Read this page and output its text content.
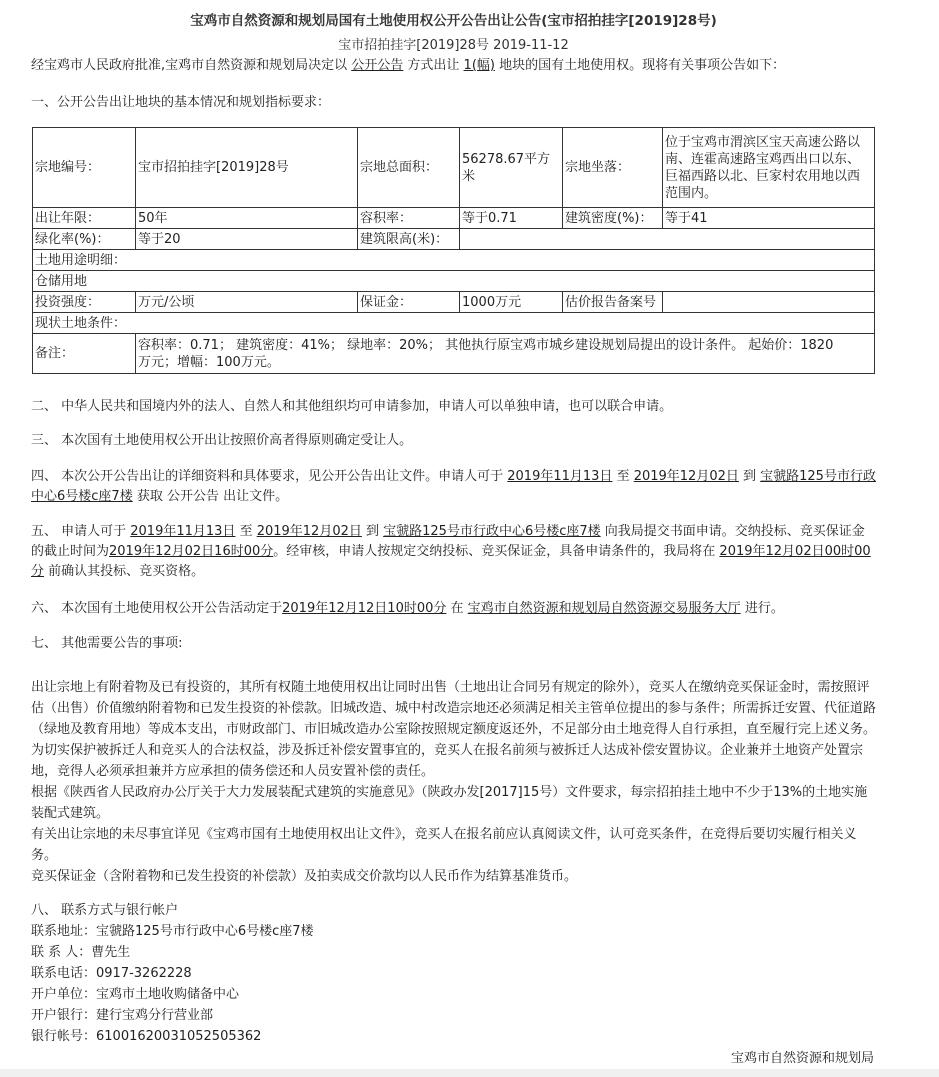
宝鸡市自然资源和规划局国有土地使用权公开公告出让公告(宝市招拍挂字[2019]28号)
宝市招拍挂字[2019]28号 2019-11-12
经宝鸡市人民政府批准,宝鸡市自然资源和规划局决定以 公开公告 方式出让 1(幅) 地块的国有土地使用权。现将有关事项公告如下：
一、公开公告出让地块的基本情况和规划指标要求：
宗地编号：	宝市招拍挂字[2019]28号	宗地总面积：	56278.67平方米	宗地坐落：	位于宝鸡市渭滨区宝天高速公路以南、连霍高速路宝鸡西出口以东、巨福西路以北、巨家村农用地以西范围内。
出让年限：	50年	容积率：	等于0.71	建筑密度(%)：	等于41
绿化率(%)：	等于20	建筑限高(米)：			
土地用途明细：					
仓储用地					
投资强度：	万元/公顷	保证金：	1000万元	估价报告备案号	
现状土地条件：					
备注：	容积率：0.71； 建筑密度：41%； 绿地率：20%； 其他执行原宝鸡市城乡建设规划局提出的设计条件。 起始价：1820万元；增幅：100万元。				
二、 中华人民共和国境内外的法人、自然人和其他组织均可申请参加，申请人可以单独申请，也可以联合申请。
三、 本次国有土地使用权公开出让按照价高者得原则确定受让人。
四、 本次公开公告出让的详细资料和具体要求，见公开公告出让文件。申请人可于 2019年11月13日 至 2019年12月02日 到 宝虢路125号市行政中心6号楼c座7楼 获取 公开公告 出让文件。
五、 申请人可于 2019年11月13日 至 2019年12月02日 到 宝虢路125号市行政中心6号楼c座7楼 向我局提交书面申请。交纳投标、竞买保证金的截止时间为2019年12月02日16时00分。经审核，申请人按规定交纳投标、竞买保证金，具备申请条件的，我局将在 2019年12月02日00时00分 前确认其投标、竞买资格。
六、 本次国有土地使用权公开公告活动定于2019年12月12日10时00分 在 宝鸡市自然资源和规划局自然资源交易服务大厅 进行。
七、 其他需要公告的事项:
出让宗地上有附着物及已有投资的，其所有权随土地使用权出让同时出售（土地出让合同另有规定的除外），竞买人在缴纳竞买保证金时，需按照评估（出售）价值缴纳附着物和已发生投资的补偿款。旧城改造、城中村改造宗地还必须满足相关主管单位提出的参与条件；所需拆迁安置、代征道路（绿地及教育用地）等成本支出，市财政部门、市旧城改造办公室除按照规定额度返还外，不足部分由土地竞得人自行承担，直至履行完上述义务。为切实保护被拆迁人和竞买人的合法权益，涉及拆迁补偿安置事宜的，竞买人在报名前须与被拆迁人达成补偿安置协议。企业兼并土地资产处置宗地，竞得人必须承担兼并方应承担的债务偿还和人员安置补偿的责任。
根据《陕西省人民政府办公厅关于大力发展装配式建筑的实施意见》（陕政办发[2017]15号）文件要求，每宗招拍挂土地中不少于13%的土地实施装配式建筑。
有关出让宗地的未尽事宜详见《宝鸡市国有土地使用权出让文件》，竞买人在报名前应认真阅读文件，认可竞买条件，在竞得后要切实履行相关义务。
竞买保证金（含附着物和已发生投资的补偿款）及拍卖成交价款均以人民币作为结算基准货币。
八、 联系方式与银行帐户
联系地址：宝虢路125号市行政中心6号楼c座7楼
联 系 人：曹先生
联系电话：0917-3262228
开户单位：宝鸡市土地收购储备中心
开户银行：建行宝鸡分行营业部
银行帐号：61001620031052505362
宝鸡市自然资源和规划局
